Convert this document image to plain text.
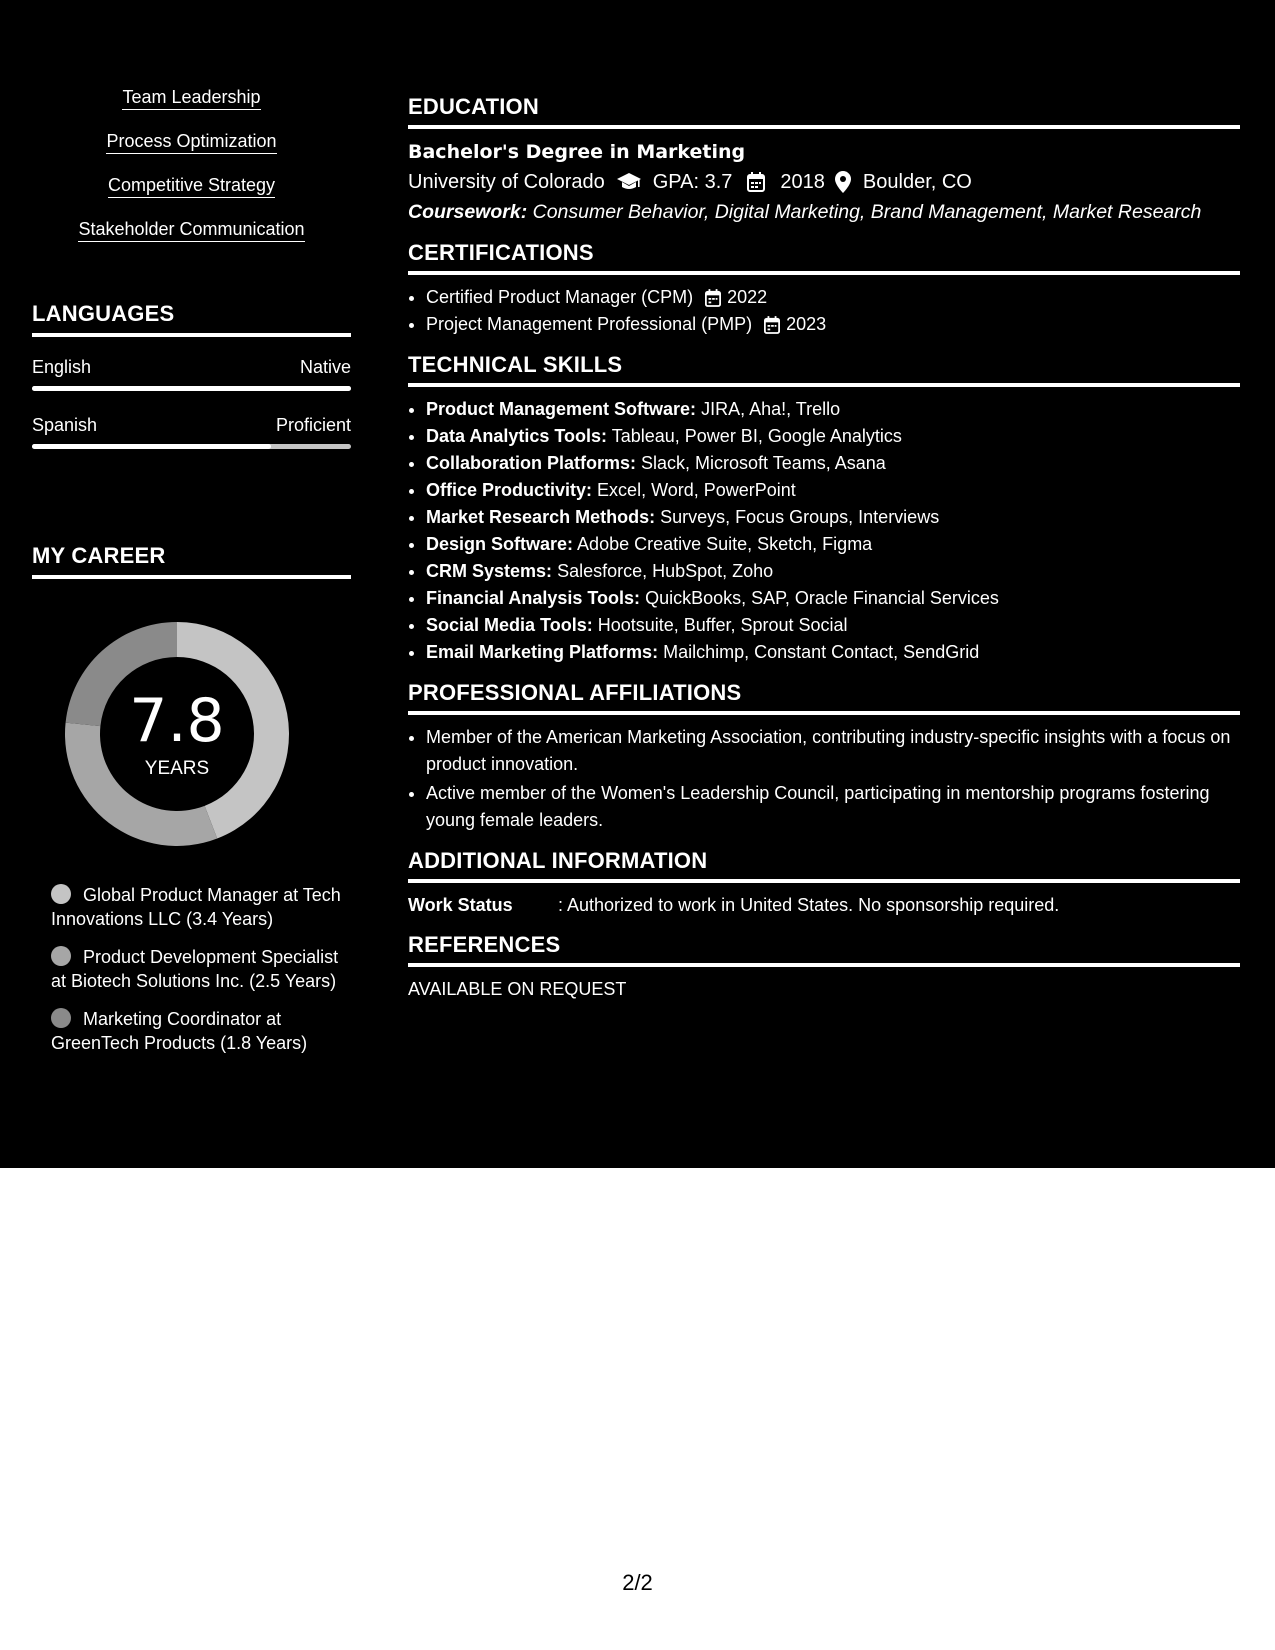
Team Leadership
Process Optimization
Competitive Strategy
Stakeholder Communication
LANGUAGES
English	Native
Spanish	Proficient
MY CAREER
7.8
YEARS
Global Product Manager at Tech Innovations LLC (3.4 Years)
Product Development Specialist at Biotech Solutions Inc. (2.5 Years)
Marketing Coordinator at GreenTech Products (1.8 Years)
EDUCATION
Bachelor's Degree in Marketing
University of Colorado GPA: 3.7 2018 Boulder, CO
Coursework: Consumer Behavior, Digital Marketing, Brand Management, Market Research
CERTIFICATIONS
• Certified Product Manager (CPM) 2022
• Project Management Professional (PMP) 2023
TECHNICAL SKILLS
• Product Management Software: JIRA, Aha!, Trello
• Data Analytics Tools: Tableau, Power BI, Google Analytics
• Collaboration Platforms: Slack, Microsoft Teams, Asana
• Office Productivity: Excel, Word, PowerPoint
• Market Research Methods: Surveys, Focus Groups, Interviews
• Design Software: Adobe Creative Suite, Sketch, Figma
• CRM Systems: Salesforce, HubSpot, Zoho
• Financial Analysis Tools: QuickBooks, SAP, Oracle Financial Services
• Social Media Tools: Hootsuite, Buffer, Sprout Social
• Email Marketing Platforms: Mailchimp, Constant Contact, SendGrid
PROFESSIONAL AFFILIATIONS
• Member of the American Marketing Association, contributing industry-specific insights with a focus on product innovation.
• Active member of the Women's Leadership Council, participating in mentorship programs fostering young female leaders.
ADDITIONAL INFORMATION
Work Status	: Authorized to work in United States. No sponsorship required.
REFERENCES
AVAILABLE ON REQUEST
2/2
